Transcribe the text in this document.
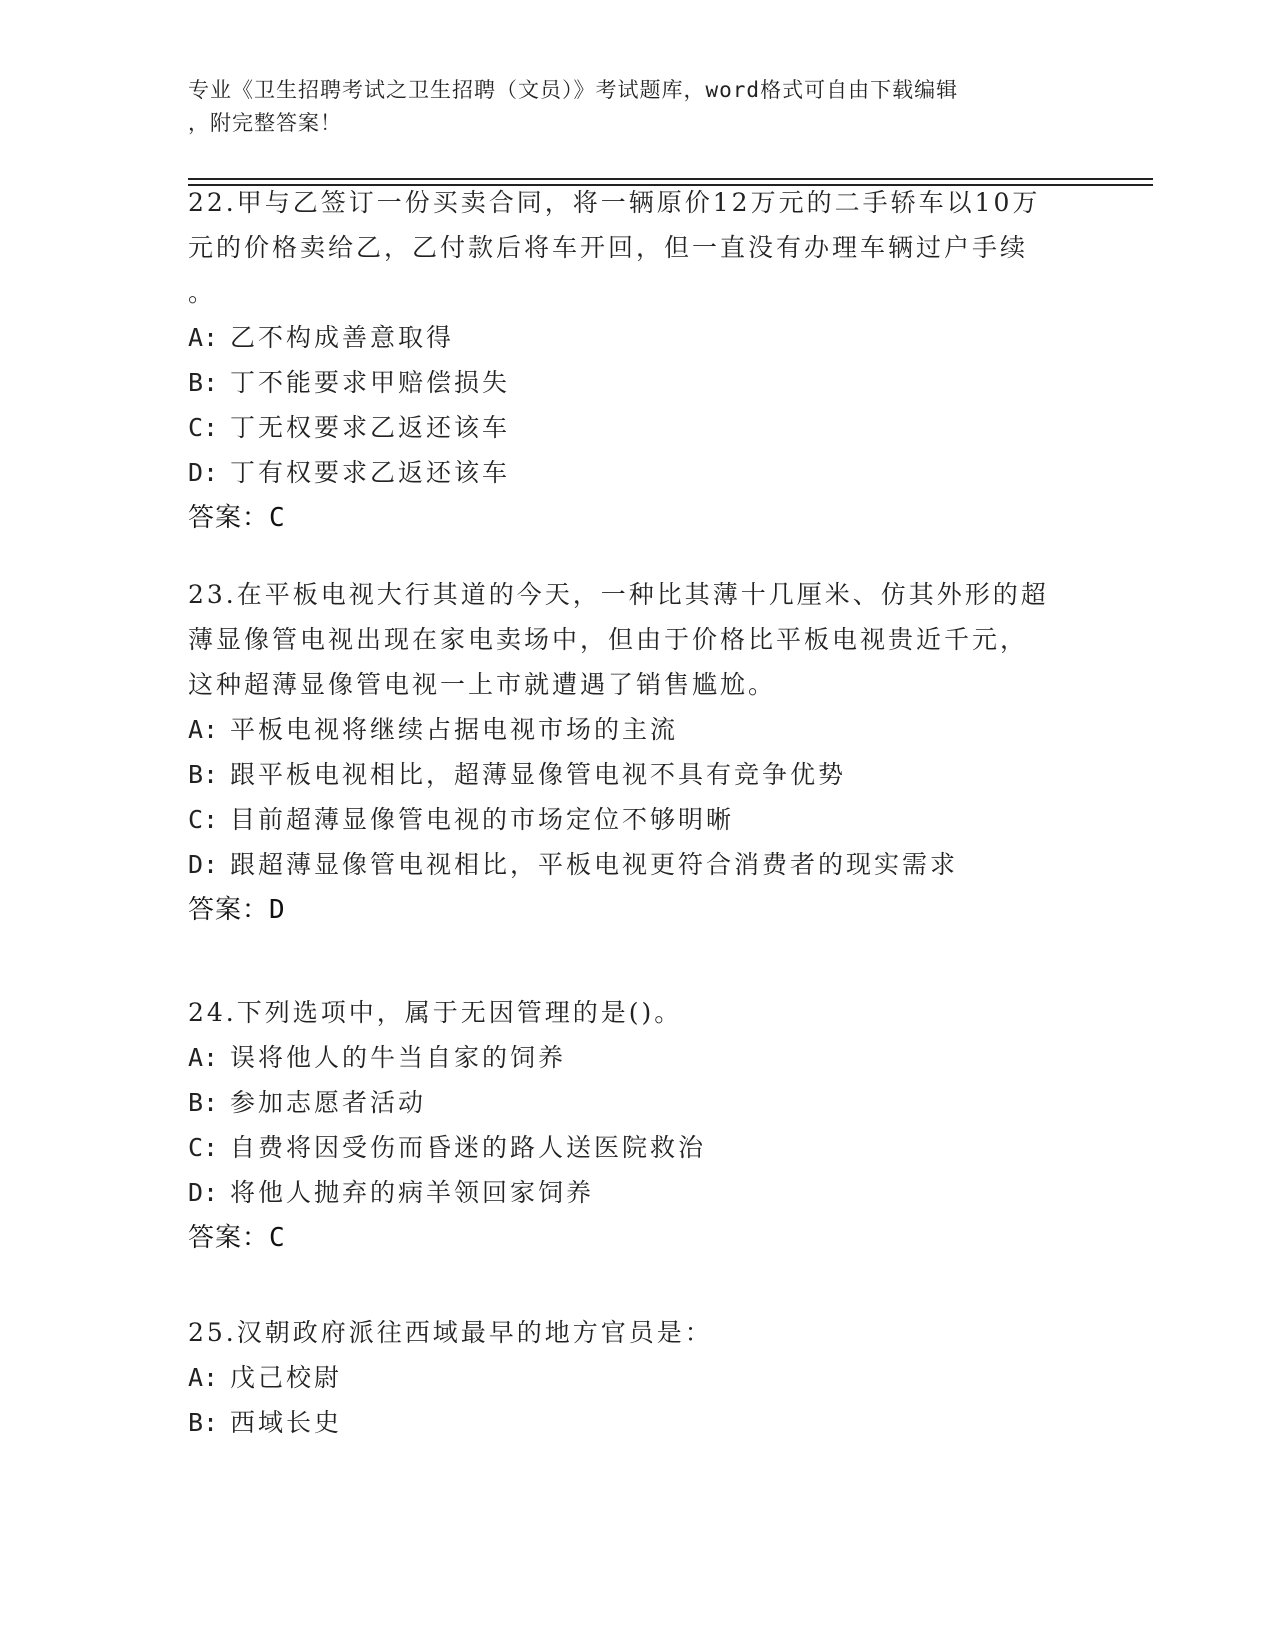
专业《卫生招聘考试之卫生招聘（文员）》考试题库，word格式可自由下载编辑
，附完整答案！
22.甲与乙签订一份买卖合同，将一辆原价12万元的二手轿车以10万
元的价格卖给乙，乙付款后将车开回，但一直没有办理车辆过户手续
。
A: 乙不构成善意取得
B: 丁不能要求甲赔偿损失
C: 丁无权要求乙返还该车
D: 丁有权要求乙返还该车
答案：C
23.在平板电视大行其道的今天，一种比其薄十几厘米、仿其外形的超
薄显像管电视出现在家电卖场中，但由于价格比平板电视贵近千元，
这种超薄显像管电视一上市就遭遇了销售尴尬。
A: 平板电视将继续占据电视市场的主流
B: 跟平板电视相比，超薄显像管电视不具有竞争优势
C: 目前超薄显像管电视的市场定位不够明晰
D: 跟超薄显像管电视相比，平板电视更符合消费者的现实需求
答案：D
24.下列选项中，属于无因管理的是()。
A: 误将他人的牛当自家的饲养
B: 参加志愿者活动
C: 自费将因受伤而昏迷的路人送医院救治
D: 将他人抛弃的病羊领回家饲养
答案：C
25.汉朝政府派往西域最早的地方官员是：
A: 戊己校尉
B: 西域长史
